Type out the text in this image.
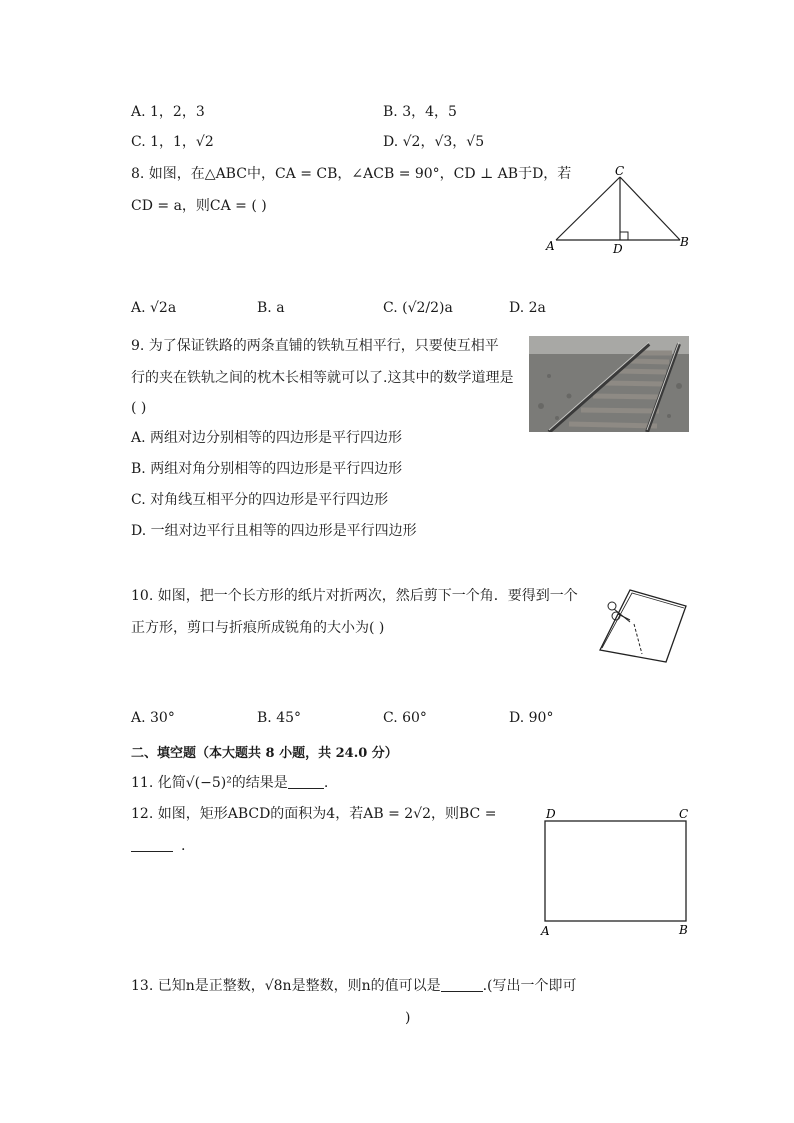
A. 1，2，3	B. 3，4，5
C. 1，1，√2	D. √2，√3，√5
8. 如图，在△ABC中，CA = CB，∠ACB = 90°，CD ⊥ AB于D，若
CD = a，则CA = ( )
C
A	B
D
A. √2a	B. a	C. (√2/2)a	D. 2a
9. 为了保证铁路的两条直铺的铁轨互相平行，只要使互相平
行的夹在铁轨之间的枕木长相等就可以了.这其中的数学道理是
( )
A. 两组对边分别相等的四边形是平行四边形
B. 两组对角分别相等的四边形是平行四边形
C. 对角线互相平分的四边形是平行四边形
D. 一组对边平行且相等的四边形是平行四边形
10. 如图，把一个长方形的纸片对折两次，然后剪下一个角．要得到一个
正方形，剪口与折痕所成锐角的大小为( )
A. 30°	B. 45°	C. 60°	D. 90°
二、填空题（本大题共 8 小题，共 24.0 分）
11. 化简√(−5)²的结果是	.
12. 如图，矩形ABCD的面积为4，若AB = 2√2，则BC =
.
D	C
A	B
13. 已知n是正整数，√8n是整数，则n的值可以是	.(写出一个即可
)
